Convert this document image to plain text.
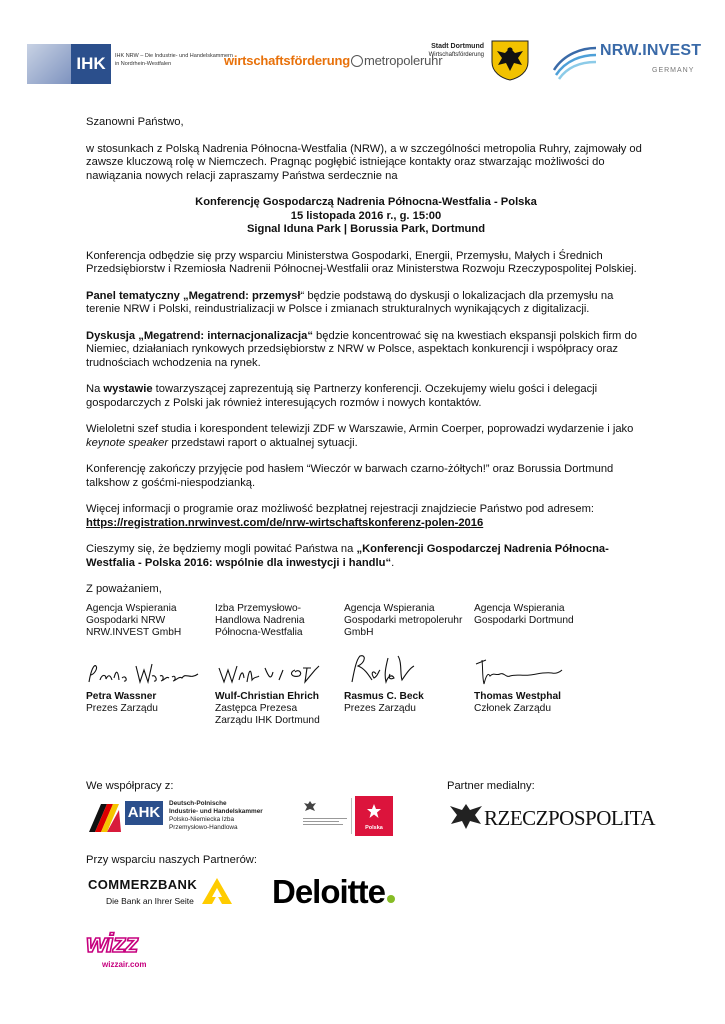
IHK	IHK NRW – Die Industrie- und Handelskammern
in Nordrhein-Westfalen	wirtschaftsförderung metropoleruhr
Stadt Dortmund
Wirtschaftsförderung	NRW.INVEST
GERMANY

Szanowni Państwo,

w stosunkach z Polską Nadrenia Północna-Westfalia (NRW), a w szczególności metropolia Ruhry, zajmowały od zawsze kluczową rolę w Niemczech. Pragnąc pogłębić istniejące kontakty oraz stwarzając możliwości do nawiązania nowych relacji zapraszamy Państwa serdecznie na

Konferencję Gospodarczą Nadrenia Północna-Westfalia - Polska

15 listopada 2016 r., g. 15:00

Signal Iduna Park | Borussia Park, Dortmund

Konferencja odbędzie się przy wsparciu Ministerstwa Gospodarki, Energii, Przemysłu, Małych i Średnich Przedsiębiorstw i Rzemiosła Nadrenii Północnej-Westfalii oraz Ministerstwa Rozwoju Rzeczypospolitej Polskiej.

Panel tematyczny „Megatrend: przemysł“ będzie podstawą do dyskusji o lokalizacjach dla przemysłu na terenie NRW i Polski, reindustrializacji w Polsce i zmianach strukturalnych wynikających z digitalizacji.

Dyskusja „Megatrend: internacjonalizacja“ będzie koncentrować się na kwestiach ekspansji polskich firm do Niemiec, działaniach rynkowych przedsiębiorstw z NRW w Polsce, aspektach konkurencji i współpracy oraz trudnościach wchodzenia na rynek.

Na wystawie towarzyszącej zaprezentują się Partnerzy konferencji. Oczekujemy wielu gości i delegacji gospodarczych z Polski jak również interesujących rozmów i nowych kontaktów.

Wieloletni szef studia i korespondent telewizji ZDF w Warszawie, Armin Coerper, poprowadzi wydarzenie i jako keynote speaker przedstawi raport o aktualnej sytuacji.

Konferencję zakończy przyjęcie pod hasłem “Wieczór w barwach czarno-żółtych!” oraz Borussia Dortmund talkshow z gośćmi-niespodzianką.

Więcej informacji o programie oraz możliwość bezpłatnej rejestracji znajdziecie Państwo pod adresem:
https://registration.nrwinvest.com/de/nrw-wirtschaftskonferenz-polen-2016

Cieszymy się, że będziemy mogli powitać Państwa na „Konferencji Gospodarczej Nadrenia Północna-Westfalia - Polska 2016: wspólnie dla inwestycji i handlu“.

Z poważaniem,

Agencja Wspierania Gospodarki NRW NRW.INVEST GmbH
Izba Przemysłowo-Handlowa Nadrenia Północna-Westfalia
Agencja Wspierania Gospodarki metropoleruhr GmbH
Agencja Wspierania Gospodarki Dortmund
Petra Wassner
Prezes Zarządu
Wulf-Christian Ehrich
Zastępca Prezesa Zarządu IHK Dortmund
Rasmus C. Beck
Prezes Zarządu
Thomas Westphal
Członek Zarządu
We współpracy z:	Partner medialny:
AHK
Deutsch-Polnische
Industrie- und Handelskammer
Polsko-Niemiecka Izba
Przemysłowo-Handlowa	Polska	RZECZPOSPOLITA
Przy wsparciu naszych Partnerów:
COMMERZBANK
Die Bank an Ihrer Seite Deloitte
wizz
wizzair.com
